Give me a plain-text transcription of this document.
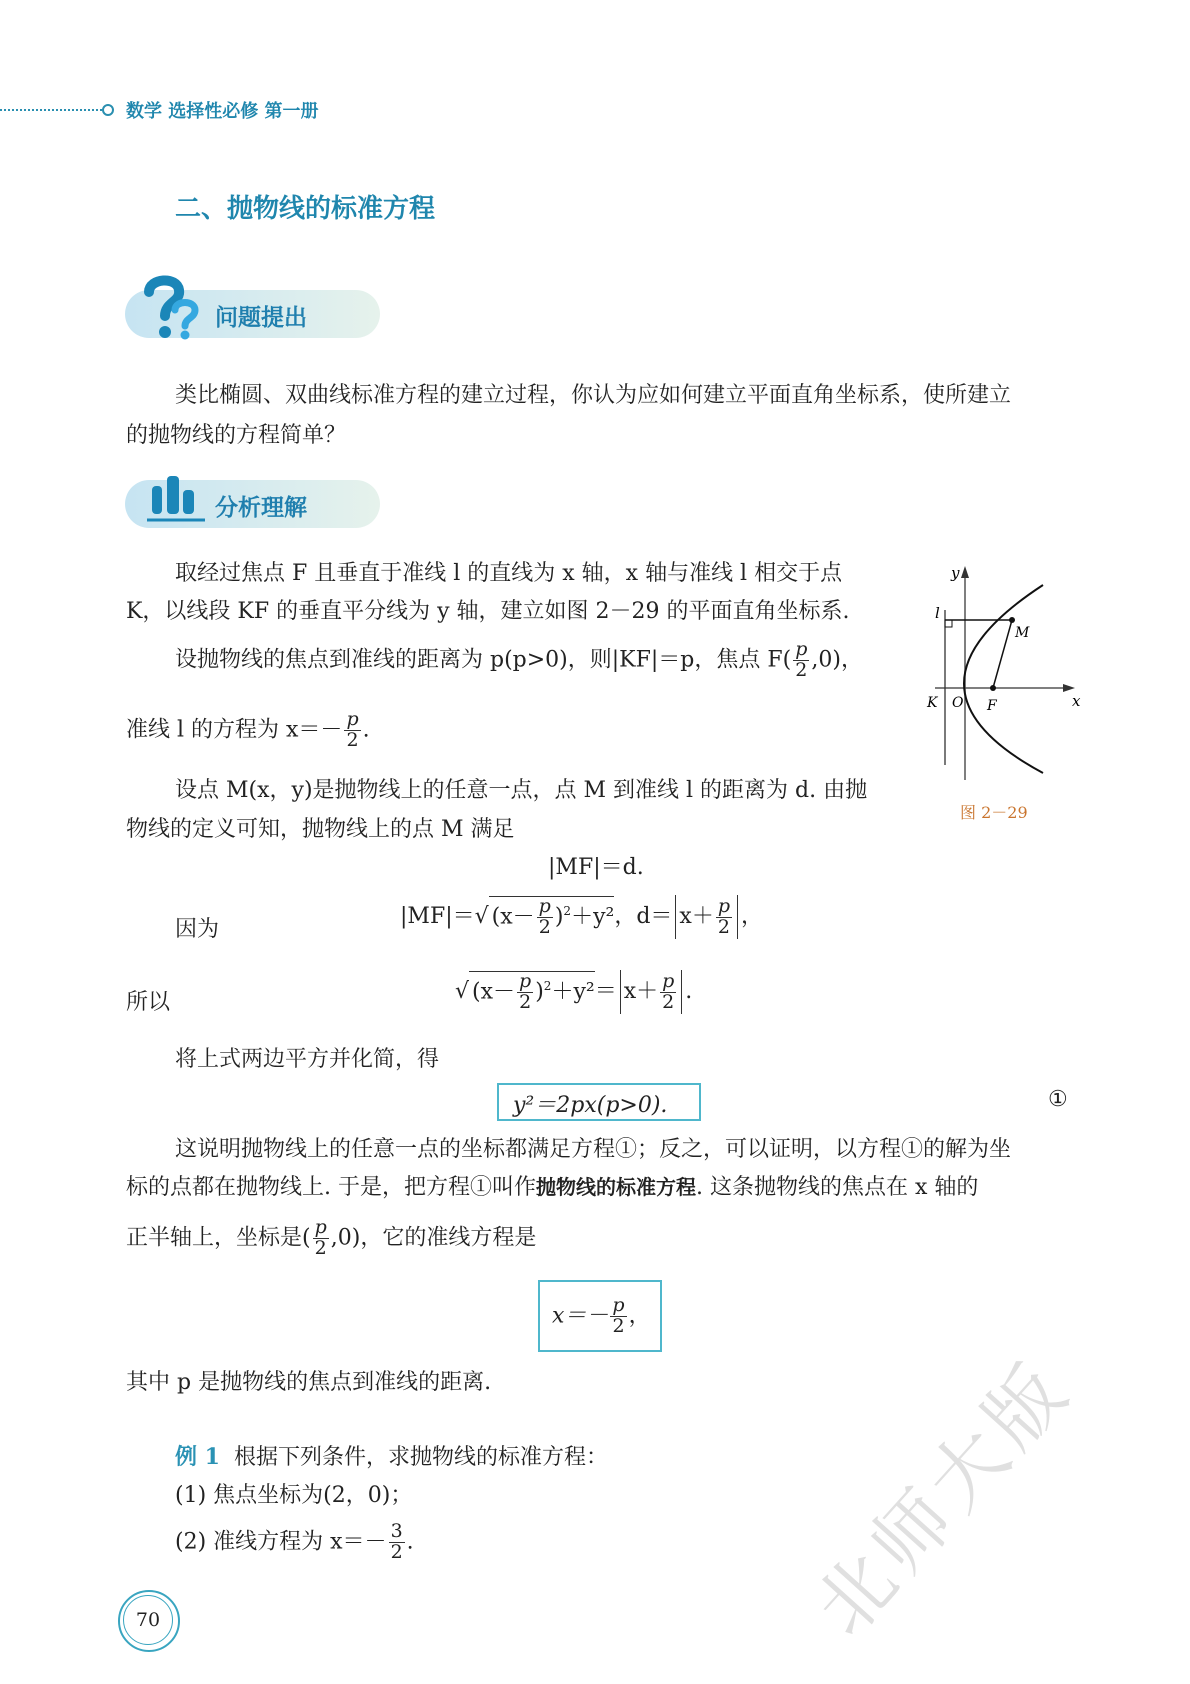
数学 选择性必修 第一册
二、抛物线的标准方程
问题提出
类比椭圆、双曲线标准方程的建立过程，你认为应如何建立平面直角坐标系，使所建立
的抛物线的方程简单？
分析理解
取经过焦点 F 且垂直于准线 l 的直线为 x 轴，x 轴与准线 l 相交于点
K，以线段 KF 的垂直平分线为 y 轴，建立如图 2－29 的平面直角坐标系.
设抛物线的焦点到准线的距离为 p(p>0)，则|KF|＝p，焦点 $F( \frac{p}{2} ,0)$，
准线 l 的方程为 $x=- \frac{p}{2}$ .
设点 M(x，y)是抛物线上的任意一点，点 M 到准线 l 的距离为 d. 由抛
物线的定义可知，抛物线上的点 M 满足
|MF|＝d.
因为
|MF|＝√ $(x- \frac{p}{2} )^2+y^2$，$d= x+ \frac{p}{2}$ ，
所以	√ $(x- \frac{p}{2} )^2+y^2= x+ \frac{p}{2}$ .
将上式两边平方并化简，得
y²＝2px(p>0).	①
这说明抛物线上的任意一点的坐标都满足方程①；反之，可以证明，以方程①的解为坐
标的点都在抛物线上. 于是，把方程①叫作抛物线的标准方程. 这条抛物线的焦点在 x 轴的
正半轴上，坐标是( $\frac{p}{2} ,0$)，它的准线方程是
$x=- \frac{p}{2}$ ，
其中 p 是抛物线的焦点到准线的距离.
例 1 根据下列条件，求抛物线的标准方程：
(1) 焦点坐标为(2，0)；
(2) 准线方程为 $x=- \frac{3}{2}$ .
y
x
l
M
K O F
图 2－29
70	北师大版
